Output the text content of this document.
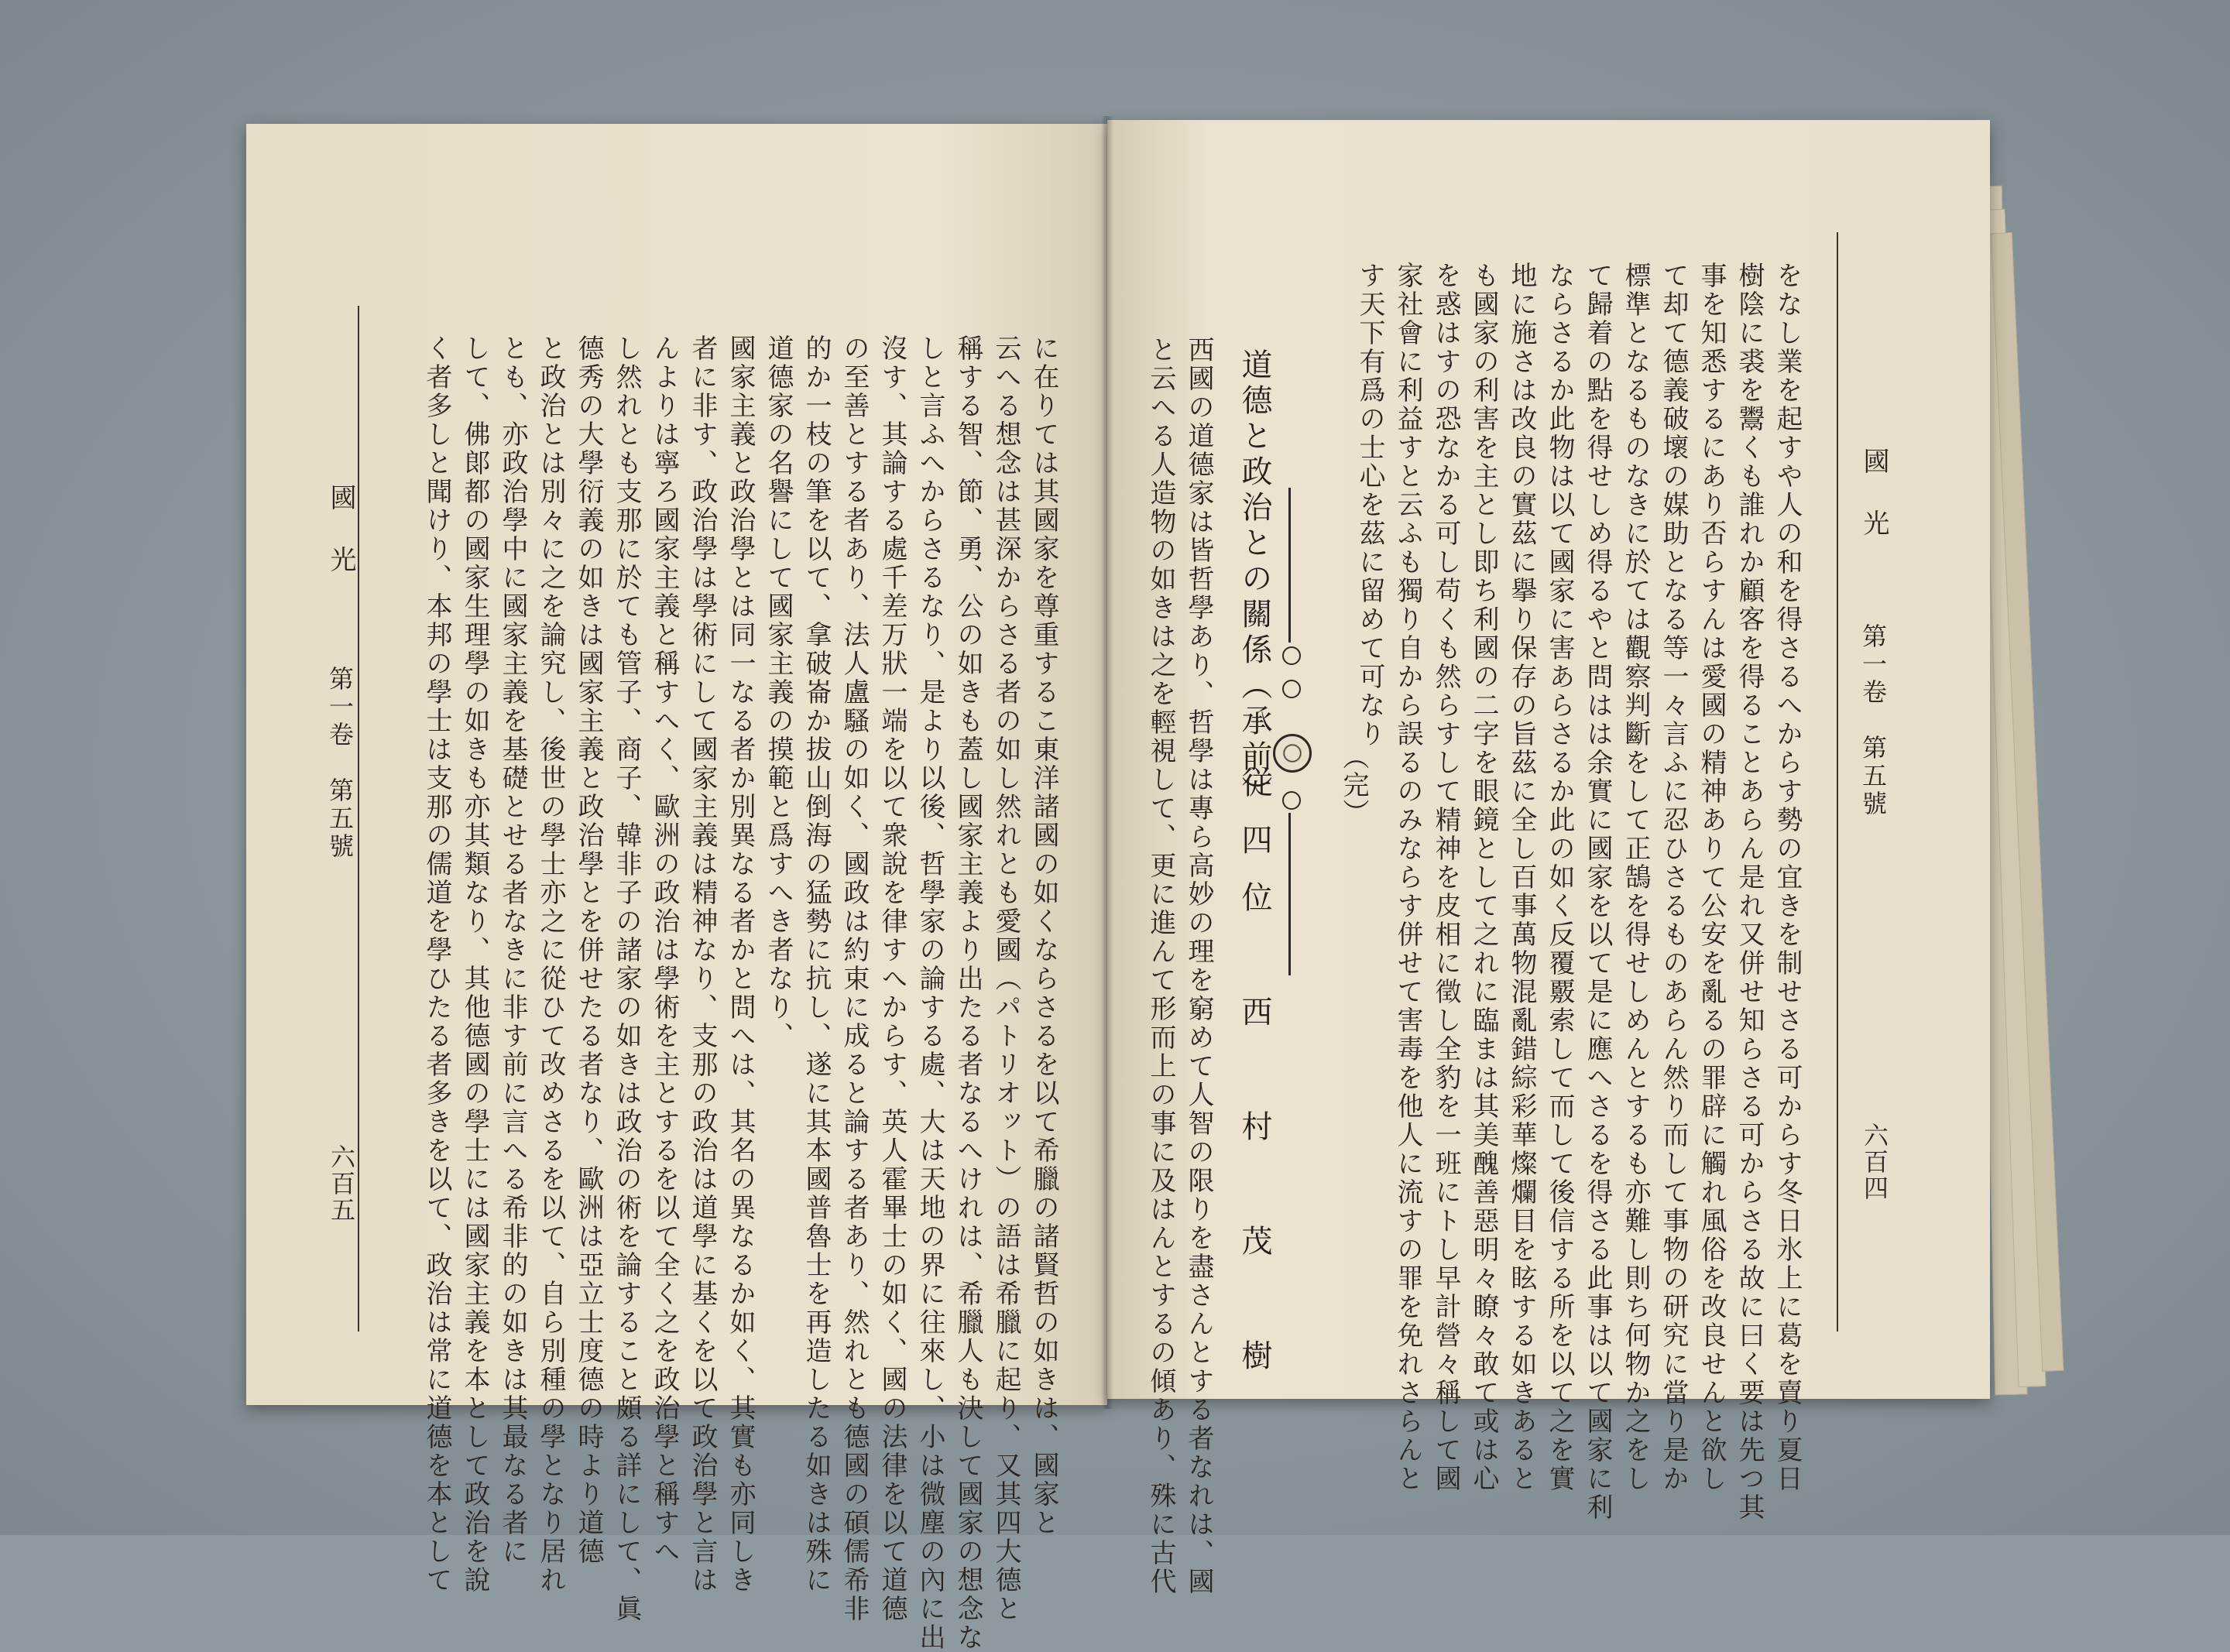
國　光
第一卷　第五號
六百四
をなし業を起すや人の和を得さるへからす勢の宜きを制せさる可からす冬日氷上に葛を賣り夏日
樹陰に裘を鬻くも誰れか顧客を得ることあらん是れ又併せ知らさる可からさる故に曰く要は先つ其
事を知悉するにあり否らすんは愛國の精神ありて公安を亂るの罪辟に觸れ風俗を改良せんと欲し
て却て德義破壞の媒助となる等一々言ふに忍ひさるものあらん然り而して事物の研究に當り是か
標準となるものなきに於ては觀察判斷をして正鵠を得せしめんとするも亦難し則ち何物か之をし
て歸着の點を得せしめ得るやと問はは余實に國家を以て是に應へさるを得さる此事は以て國家に利
ならさるか此物は以て國家に害あらさるか此の如く反覆覈索して而して後信する所を以て之を實
地に施さは改良の實茲に擧り保存の旨茲に全し百事萬物混亂錯綜彩華燦爛目を眩する如きあると
も國家の利害を主とし即ち利國の二字を眼鏡として之れに臨まは其美醜善惡明々瞭々敢て或は心
を惑はすの恐なかる可し苟くも然らすして精神を皮相に徵し全豹を一班にトし早計營々稱して國
家社會に利益すと云ふも獨り自から誤るのみならす併せて害毒を他人に流すの罪を免れさらんと
す天下有爲の士心を茲に留めて可なり
（完）
道德と政治との關係（承前）
従四位　西　村　茂　樹
西國の道德家は皆哲學あり、哲學は專ら高妙の理を窮めて人智の限りを盡さんとする者なれは、國
と云へる人造物の如きは之を輕視して、更に進んて形而上の事に及はんとするの傾あり、殊に古代
國　光
第一卷　第五號
六百五	に在りては其國家を尊重するこ東洋諸國の如くならさるを以て希臘の諸賢哲の如きは、國家と
云へる想念は甚深からさる者の如し然れとも愛國（パトリオット）の語は希臘に起り、又其四大德と
稱する智、節、勇、公の如きも蓋し國家主義より出たる者なるへけれは、希臘人も決して國家の想念な
しと言ふへからさるなり、是より以後、哲學家の論する處、大は天地の界に往來し、小は微塵の內に出
沒す、其論する處千差万狀一端を以て衆說を律すへからす、英人霍畢士の如く、國の法律を以て道德
の至善とする者あり、法人盧騷の如く、國政は約束に成ると論する者あり、然れとも德國の碩儒希非
的か一枝の筆を以て、拿破崙か拔山倒海の猛勢に抗し、遂に其本國普魯士を再造したる如きは殊に
道德家の名譽にして國家主義の摸範と爲すへき者なり、
國家主義と政治學とは同一なる者か別異なる者かと問へは、其名の異なるか如く、其實も亦同しき
者に非す、政治學は學術にして國家主義は精神なり、支那の政治は道學に基くを以て政治學と言は
んよりは寧ろ國家主義と稱すへく、歐洲の政治は學術を主とするを以て全く之を政治學と稱すへ
し然れとも支那に於ても管子、商子、韓非子の諸家の如きは政治の術を論すること頗る詳にして、眞
德秀の大學衍義の如きは國家主義と政治學とを併せたる者なり、歐洲は亞立士度德の時より道德
と政治とは別々に之を論究し、後世の學士亦之に從ひて改めさるを以て、自ら別種の學となり居れ
とも、亦政治學中に國家主義を基礎とせる者なきに非す前に言へる希非的の如きは其最なる者に
して、佛郞都の國家生理學の如きも亦其類なり、其他德國の學士には國家主義を本として政治を說
く者多しと聞けり、本邦の學士は支那の儒道を學ひたる者多きを以て、政治は常に道德を本として
